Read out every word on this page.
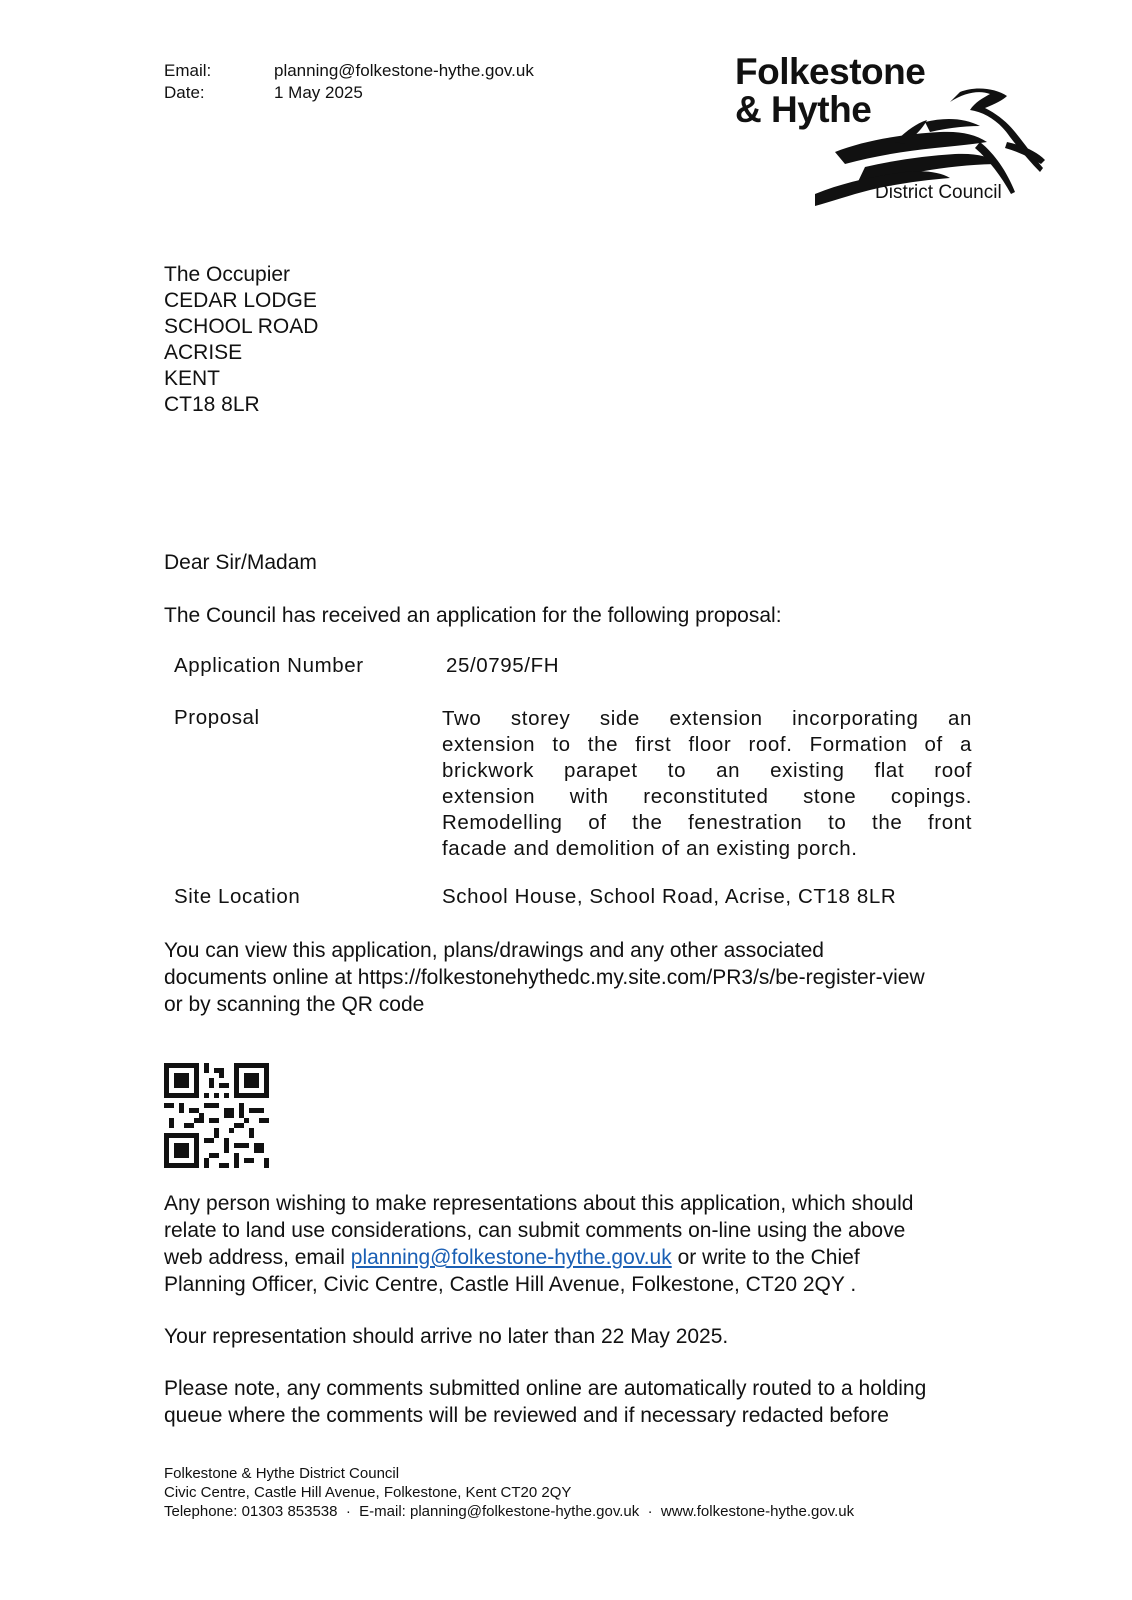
Email:	planning@folkestone-hythe.gov.uk
Date:	1 May 2025
Folkestone
& Hythe
District Council
The Occupier
CEDAR LODGE
SCHOOL ROAD
ACRISE
KENT
CT18 8LR
Dear Sir/Madam
The Council has received an application for the following proposal:
Application Number	25/0795/FH
Proposal	Two storey side extension incorporating an
extension to the first floor roof. Formation of a
brickwork parapet to an existing flat roof
extension with reconstituted stone copings.
Remodelling of the fenestration to the front
facade and demolition of an existing porch.
Site Location	School House, School Road, Acrise, CT18 8LR
You can view this application, plans/drawings and any other associated
documents online at https://folkestonehythedc.my.site.com/PR3/s/be-register-view
or by scanning the QR code
Any person wishing to make representations about this application, which should
relate to land use considerations, can submit comments on-line using the above
web address, email planning@folkestone-hythe.gov.uk or write to the Chief
Planning Officer, Civic Centre, Castle Hill Avenue, Folkestone, CT20 2QY .
Your representation should arrive no later than 22 May 2025.
Please note, any comments submitted online are automatically routed to a holding
queue where the comments will be reviewed and if necessary redacted before
Folkestone & Hythe District Council
Civic Centre, Castle Hill Avenue, Folkestone, Kent CT20 2QY
Telephone: 01303 853538  ·  E-mail: planning@folkestone-hythe.gov.uk  ·  www.folkestone-hythe.gov.uk
